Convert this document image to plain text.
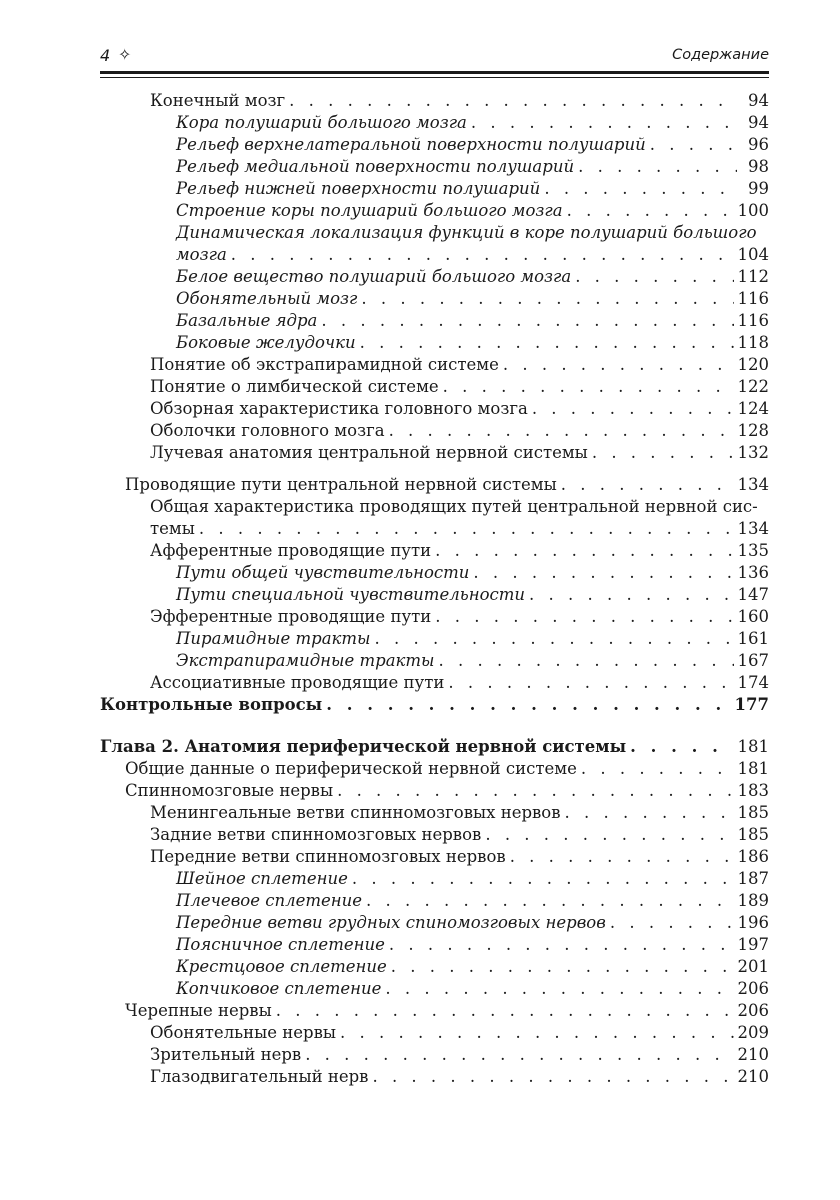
4 ✧	Содержание
Конечный мозг . . .	94
Кора полушарий большого мозга . . .	94
Рельеф верхнелатеральной поверхности полушарий . . .	96
Рельеф медиальной поверхности полушарий . . .	98
Рельеф нижней поверхности полушарий . . .	99
Строение коры полушарий большого мозга . . .	100
Динамическая локализация функций в коре полушарий большого
мозга . . .	104
Белое вещество полушарий большого мозга . . .	112
Обонятельный мозг . . .	116
Базальные ядра . . .	116
Боковые желудочки . . .	118
Понятие об экстрапирамидной системе . . .	120
Понятие о лимбической системе . . .	122
Обзорная характеристика головного мозга . . .	124
Оболочки головного мозга . . .	128
Лучевая анатомия центральной нервной системы . . .	132
Проводящие пути центральной нервной системы . . .	134
Общая характеристика проводящих путей центральной нервной сис-
темы . . .	134
Афферентные проводящие пути . . .	135
Пути общей чувствительности . . .	136
Пути специальной чувствительности . . .	147
Эфферентные проводящие пути . . .	160
Пирамидные тракты . . .	161
Экстрапирамидные тракты . . .	167
Ассоциативные проводящие пути . . .	174
Контрольные вопросы . . .	177
Глава 2. Анатомия периферической нервной системы . . .	181
Общие данные о периферической нервной системе . . .	181
Спинномозговые нервы . . .	183
Менингеальные ветви спинномозговых нервов . . .	185
Задние ветви спинномозговых нервов . . .	185
Передние ветви спинномозговых нервов . . .	186
Шейное сплетение . . .	187
Плечевое сплетение . . .	189
Передние ветви грудных спиномозговых нервов . . .	196
Поясничное сплетение . . .	197
Крестцовое сплетение . . .	201
Копчиковое сплетение . . .	206
Черепные нервы . . .	206
Обонятельные нервы . . .	209
Зрительный нерв . . .	210
Глазодвигательный нерв . . .	210
